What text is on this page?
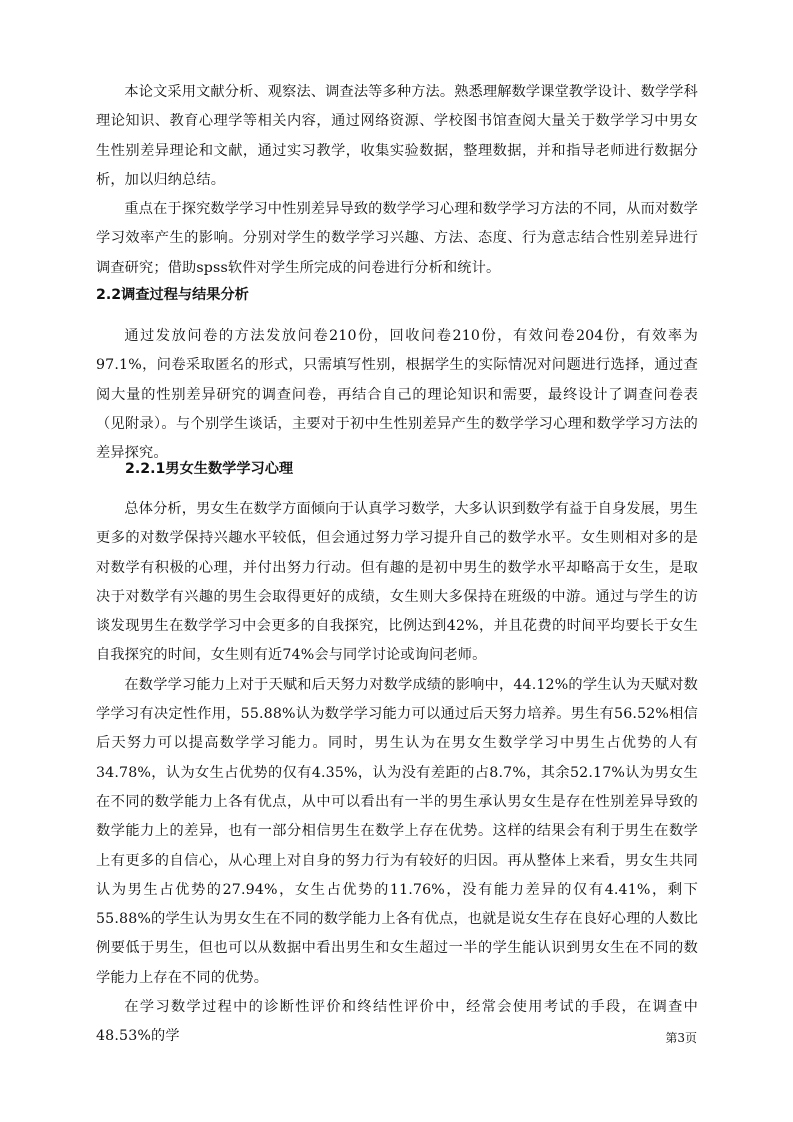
本论文采用文献分析、观察法、调查法等多种方法。熟悉理解数学课堂教学设计、数学学科理论知识、教育心理学等相关内容，通过网络资源、学校图书馆查阅大量关于数学学习中男女生性别差异理论和文献，通过实习教学，收集实验数据，整理数据，并和指导老师进行数据分析，加以归纳总结。

重点在于探究数学学习中性别差异导致的数学学习心理和数学学习方法的不同，从而对数学学习效率产生的影响。分别对学生的数学学习兴趣、方法、态度、行为意志结合性别差异进行调查研究；借助spss软件对学生所完成的问卷进行分析和统计。

2.2调查过程与结果分析

通过发放问卷的方法发放问卷210份，回收问卷210份，有效问卷204份，有效率为97.1%，问卷采取匿名的形式，只需填写性别，根据学生的实际情况对问题进行选择，通过查阅大量的性别差异研究的调查问卷，再结合自己的理论知识和需要，最终设计了调查问卷表（见附录）。与个别学生谈话，主要对于初中生性别差异产生的数学学习心理和数学学习方法的差异探究。

2.2.1男女生数学学习心理

总体分析，男女生在数学方面倾向于认真学习数学，大多认识到数学有益于自身发展，男生更多的对数学保持兴趣水平较低，但会通过努力学习提升自己的数学水平。女生则相对多的是对数学有积极的心理，并付出努力行动。但有趣的是初中男生的数学水平却略高于女生，是取决于对数学有兴趣的男生会取得更好的成绩，女生则大多保持在班级的中游。通过与学生的访谈发现男生在数学学习中会更多的自我探究，比例达到42%，并且花费的时间平均要长于女生自我探究的时间，女生则有近74%会与同学讨论或询问老师。

在数学学习能力上对于天赋和后天努力对数学成绩的影响中，44.12%的学生认为天赋对数学学习有决定性作用，55.88%认为数学学习能力可以通过后天努力培养。男生有56.52%相信后天努力可以提高数学学习能力。同时，男生认为在男女生数学学习中男生占优势的人有34.78%，认为女生占优势的仅有4.35%，认为没有差距的占8.7%，其余52.17%认为男女生在不同的数学能力上各有优点，从中可以看出有一半的男生承认男女生是存在性别差异导致的数学能力上的差异，也有一部分相信男生在数学上存在优势。这样的结果会有利于男生在数学上有更多的自信心，从心理上对自身的努力行为有较好的归因。再从整体上来看，男女生共同认为男生占优势的27.94%，女生占优势的11.76%，没有能力差异的仅有4.41%，剩下55.88%的学生认为男女生在不同的数学能力上各有优点，也就是说女生存在良好心理的人数比例要低于男生，但也可以从数据中看出男生和女生超过一半的学生能认识到男女生在不同的数学能力上存在不同的优势。

在学习数学过程中的诊断性评价和终结性评价中，经常会使用考试的手段，在调查中48.53%的学	第3页
